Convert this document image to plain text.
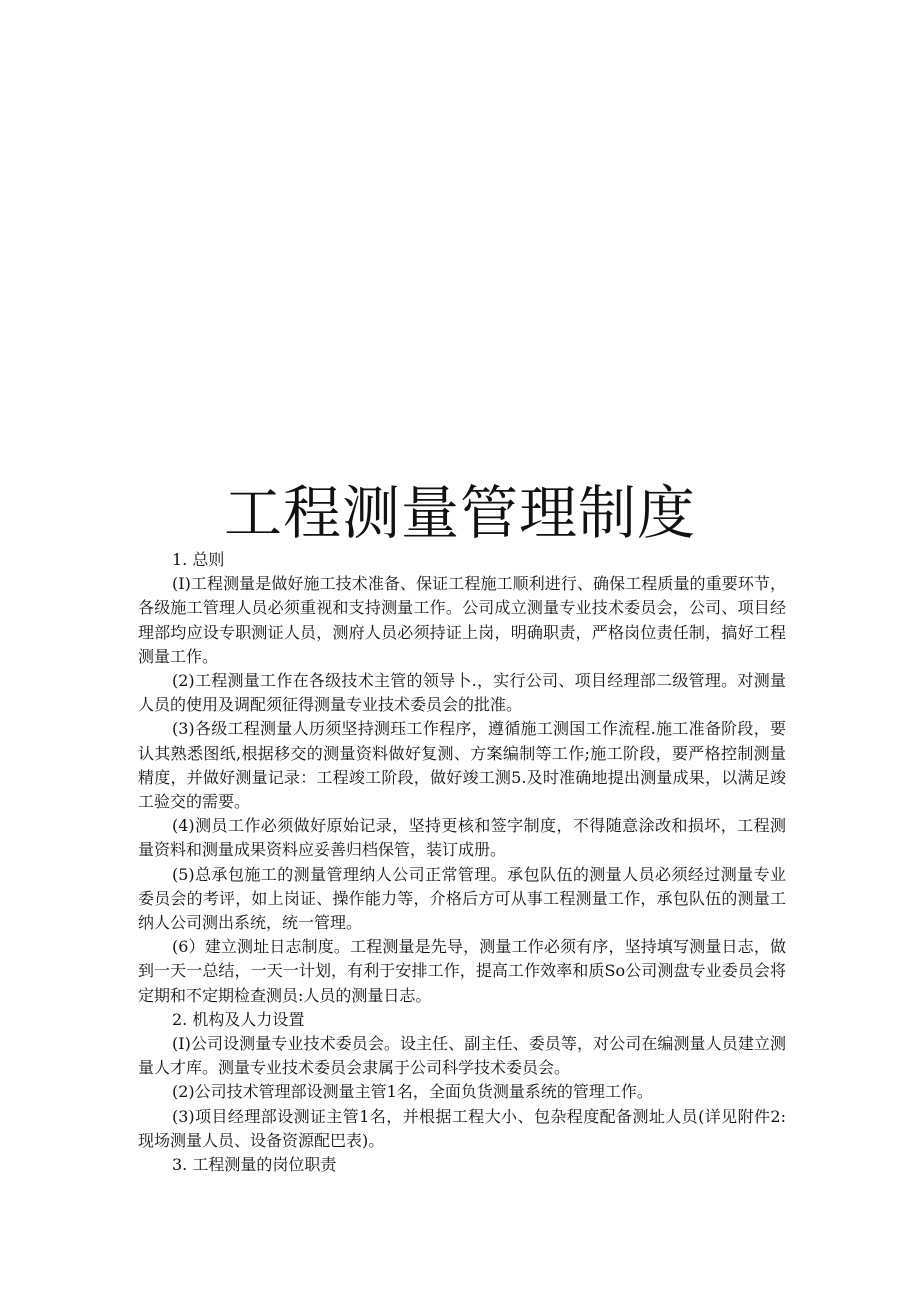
工程测量管理制度

1. 总则

(I)工程测量是做好施工技术准备、保证工程施工顺利进行、确保工程质量的重要环节，各级施工管理人员必须重视和支持测量工作。公司成立测量专业技术委员会，公司、项目经理部均应设专职测证人员，测府人员必须持证上岗，明确职责，严格岗位责任制，搞好工程测量工作。

(2)工程测量工作在各级技术主管的领导卜.，实行公司、项目经理部二级管理。对测量人员的使用及调配须征得测量专业技术委员会的批准。

(3)各级工程测量人历须坚持测珏工作程序，遵循施工测国工作流程.施工准备阶段，要认其熟悉图纸,根据移交的测量资料做好复测、方案编制等工作;施工阶段，要严格控制测量精度，并做好测量记录：工程竣工阶段，做好竣工测5.及时准确地提出测量成果，以满足竣工验交的需要。

(4)测员工作必须做好原始记录，坚持更核和签字制度，不得随意涂改和损坏，工程测量资料和测量成果资料应妥善归档保管，装订成册。

(5)总承包施工的测量管理纳人公司正常管理。承包队伍的测量人员必须经过测量专业委员会的考评，如上岗证、操作能力等，介格后方可从事工程测量工作，承包队伍的测量工纳人公司测出系统，统一管理。

(6）建立测址日志制度。工程测量是先导，测量工作必须有序，坚持填写测量日志，做到一天一总结，一天一计划，有利于安排工作，提高工作效率和质So公司测盘专业委员会将定期和不定期检查测员:人员的测量日志。

2. 机构及人力设置

(I)公司设测量专业技术委员会。设主任、副主任、委员等，对公司在编测量人员建立测量人才库。测量专业技术委员会隶属于公司科学技术委员会。

(2)公司技术管理部设测量主管1名，全面负货测量系统的管理工作。

(3)项目经理部设测证主管1名，并根据工程大小、包杂程度配备测址人员(详见附件2:现场测量人员、设备资源配巴表)。

3. 工程测量的岗位职责
